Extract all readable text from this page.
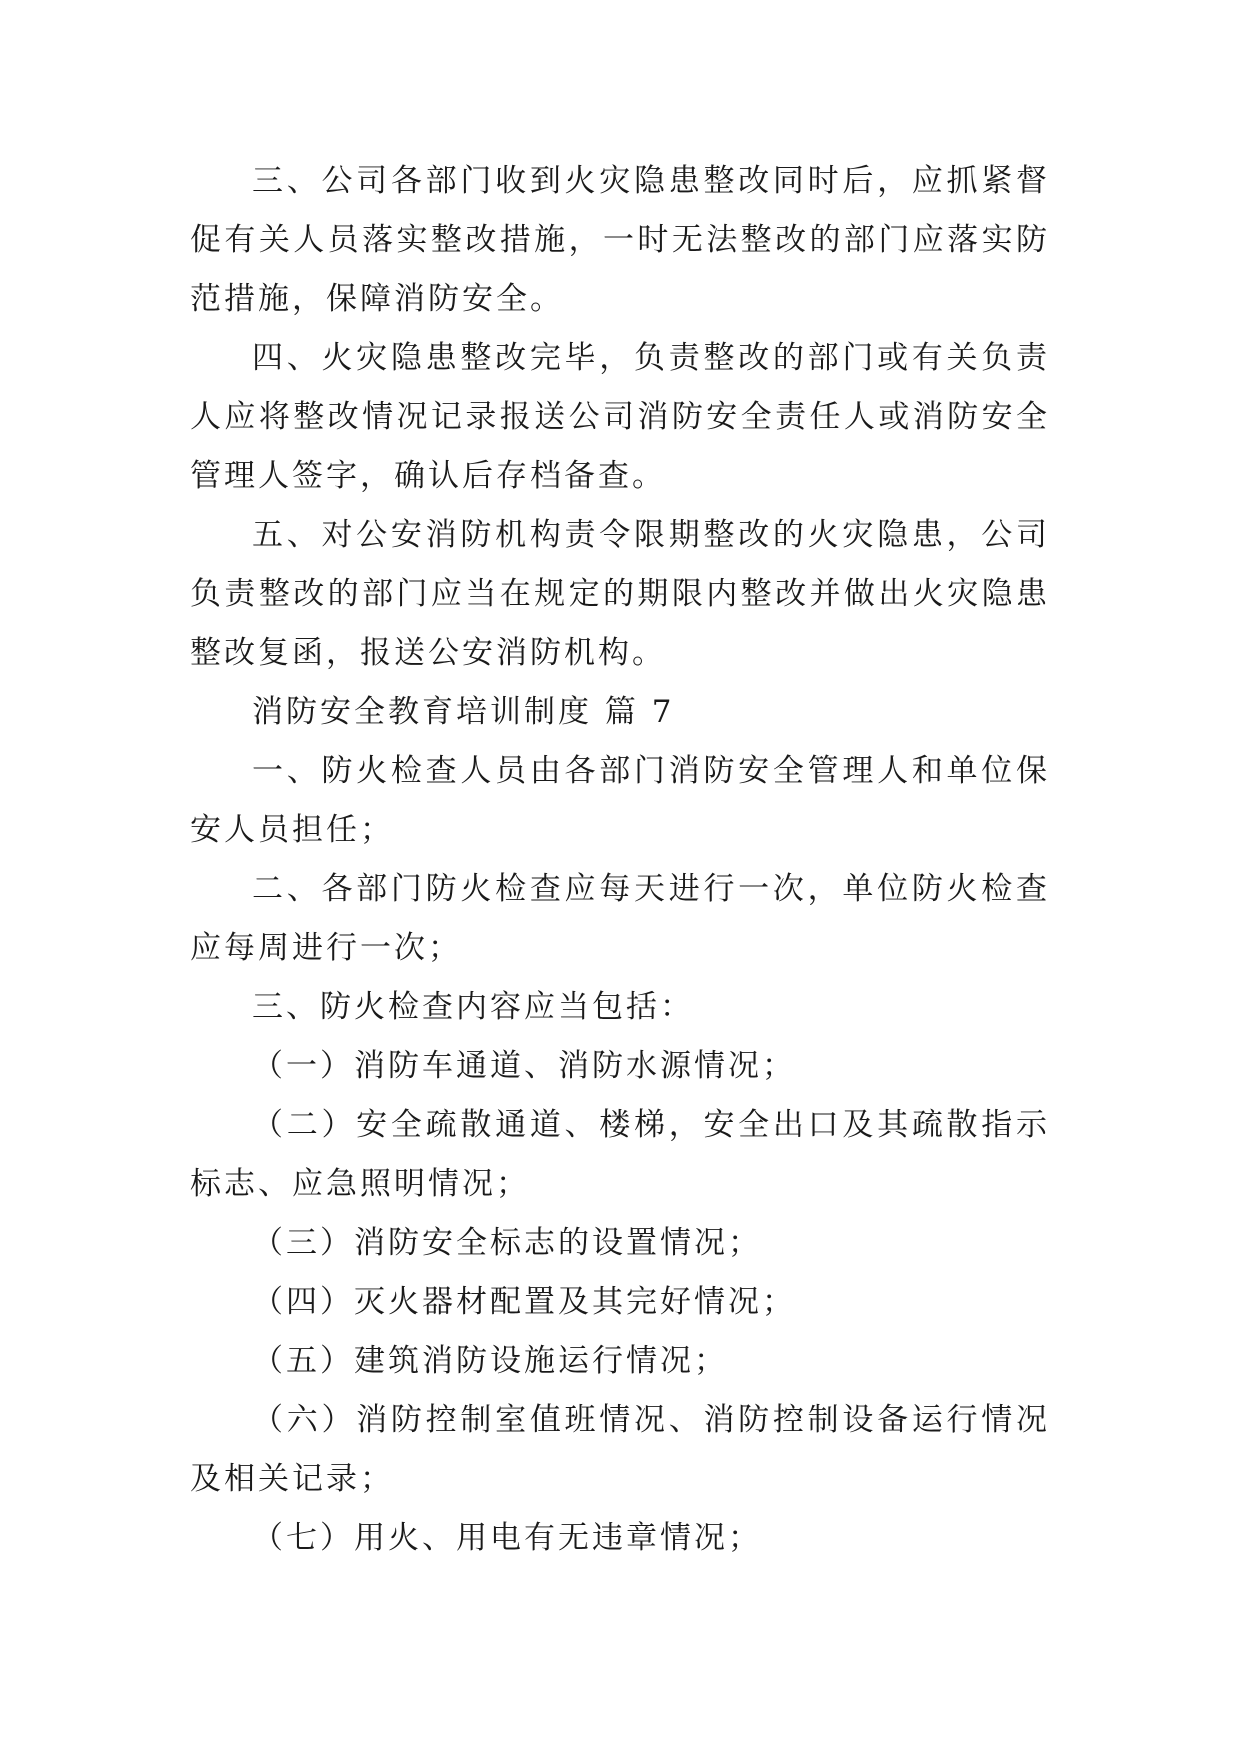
三、公司各部门收到火灾隐患整改同时后，应抓紧督促有关人员落实整改措施，一时无法整改的部门应落实防范措施，保障消防安全。

四、火灾隐患整改完毕，负责整改的部门或有关负责人应将整改情况记录报送公司消防安全责任人或消防安全管理人签字，确认后存档备查。

五、对公安消防机构责令限期整改的火灾隐患，公司负责整改的部门应当在规定的期限内整改并做出火灾隐患整改复函，报送公安消防机构。

消防安全教育培训制度 篇 7

一、防火检查人员由各部门消防安全管理人和单位保安人员担任；

二、各部门防火检查应每天进行一次，单位防火检查应每周进行一次；

三、防火检查内容应当包括：

（一）消防车通道、消防水源情况；

（二）安全疏散通道、楼梯，安全出口及其疏散指示标志、应急照明情况；

（三）消防安全标志的设置情况；

（四）灭火器材配置及其完好情况；

（五）建筑消防设施运行情况；

（六）消防控制室值班情况、消防控制设备运行情况及相关记录；

（七）用火、用电有无违章情况；
